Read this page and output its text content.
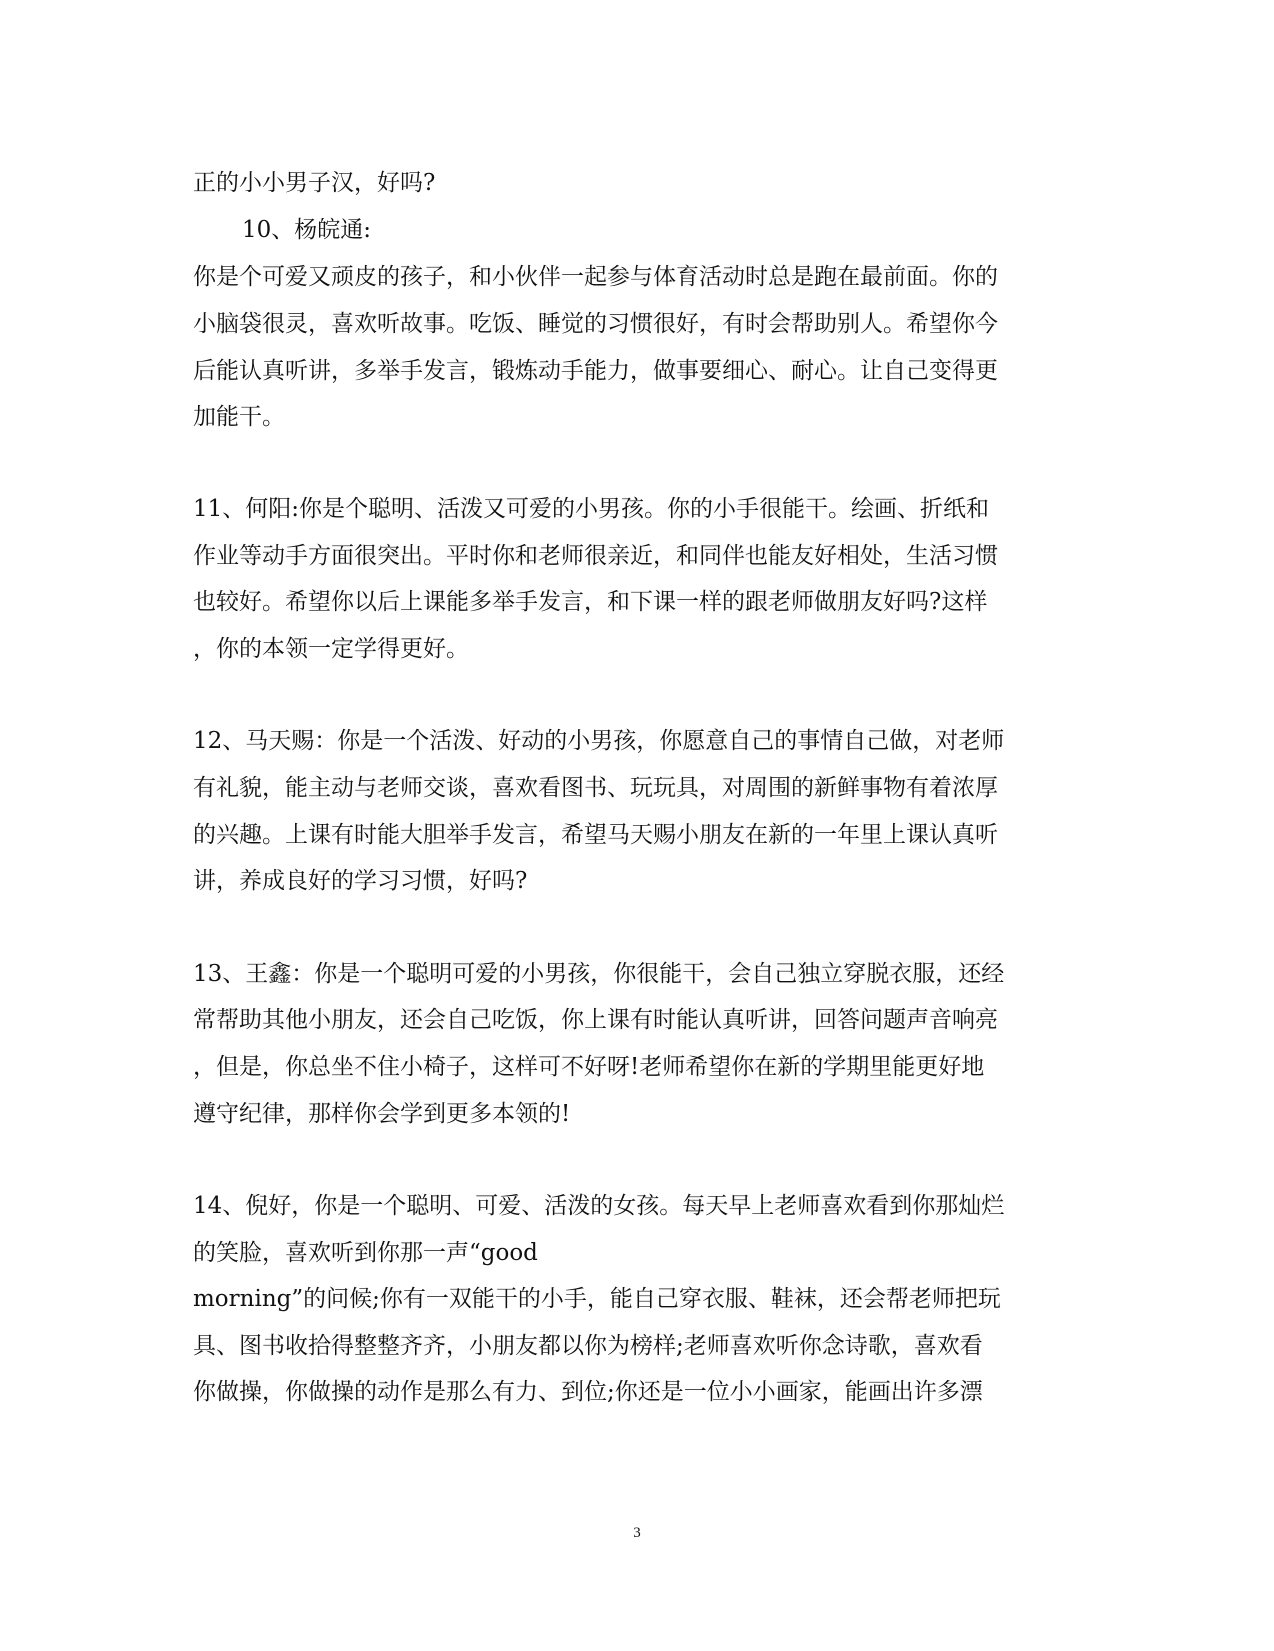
正的小小男子汉，好吗?

10、杨皖通:

你是个可爱又顽皮的孩子，和小伙伴一起参与体育活动时总是跑在最前面。你的

小脑袋很灵，喜欢听故事。吃饭、睡觉的习惯很好，有时会帮助别人。希望你今

后能认真听讲，多举手发言，锻炼动手能力，做事要细心、耐心。让自己变得更

加能干。

11、何阳:你是个聪明、活泼又可爱的小男孩。你的小手很能干。绘画、折纸和

作业等动手方面很突出。平时你和老师很亲近，和同伴也能友好相处，生活习惯

也较好。希望你以后上课能多举手发言，和下课一样的跟老师做朋友好吗?这样

，你的本领一定学得更好。

12、马天赐：你是一个活泼、好动的小男孩，你愿意自己的事情自己做，对老师

有礼貌，能主动与老师交谈，喜欢看图书、玩玩具，对周围的新鲜事物有着浓厚

的兴趣。上课有时能大胆举手发言，希望马天赐小朋友在新的一年里上课认真听

讲，养成良好的学习习惯，好吗?

13、王鑫：你是一个聪明可爱的小男孩，你很能干，会自己独立穿脱衣服，还经

常帮助其他小朋友，还会自己吃饭，你上课有时能认真听讲，回答问题声音响亮

，但是，你总坐不住小椅子，这样可不好呀!老师希望你在新的学期里能更好地

遵守纪律，那样你会学到更多本领的!

14、倪好，你是一个聪明、可爱、活泼的女孩。每天早上老师喜欢看到你那灿烂

的笑脸，喜欢听到你那一声“good

morning”的问候;你有一双能干的小手，能自己穿衣服、鞋袜，还会帮老师把玩

具、图书收拾得整整齐齐，小朋友都以你为榜样;老师喜欢听你念诗歌，喜欢看

你做操，你做操的动作是那么有力、到位;你还是一位小小画家，能画出许多漂

3
